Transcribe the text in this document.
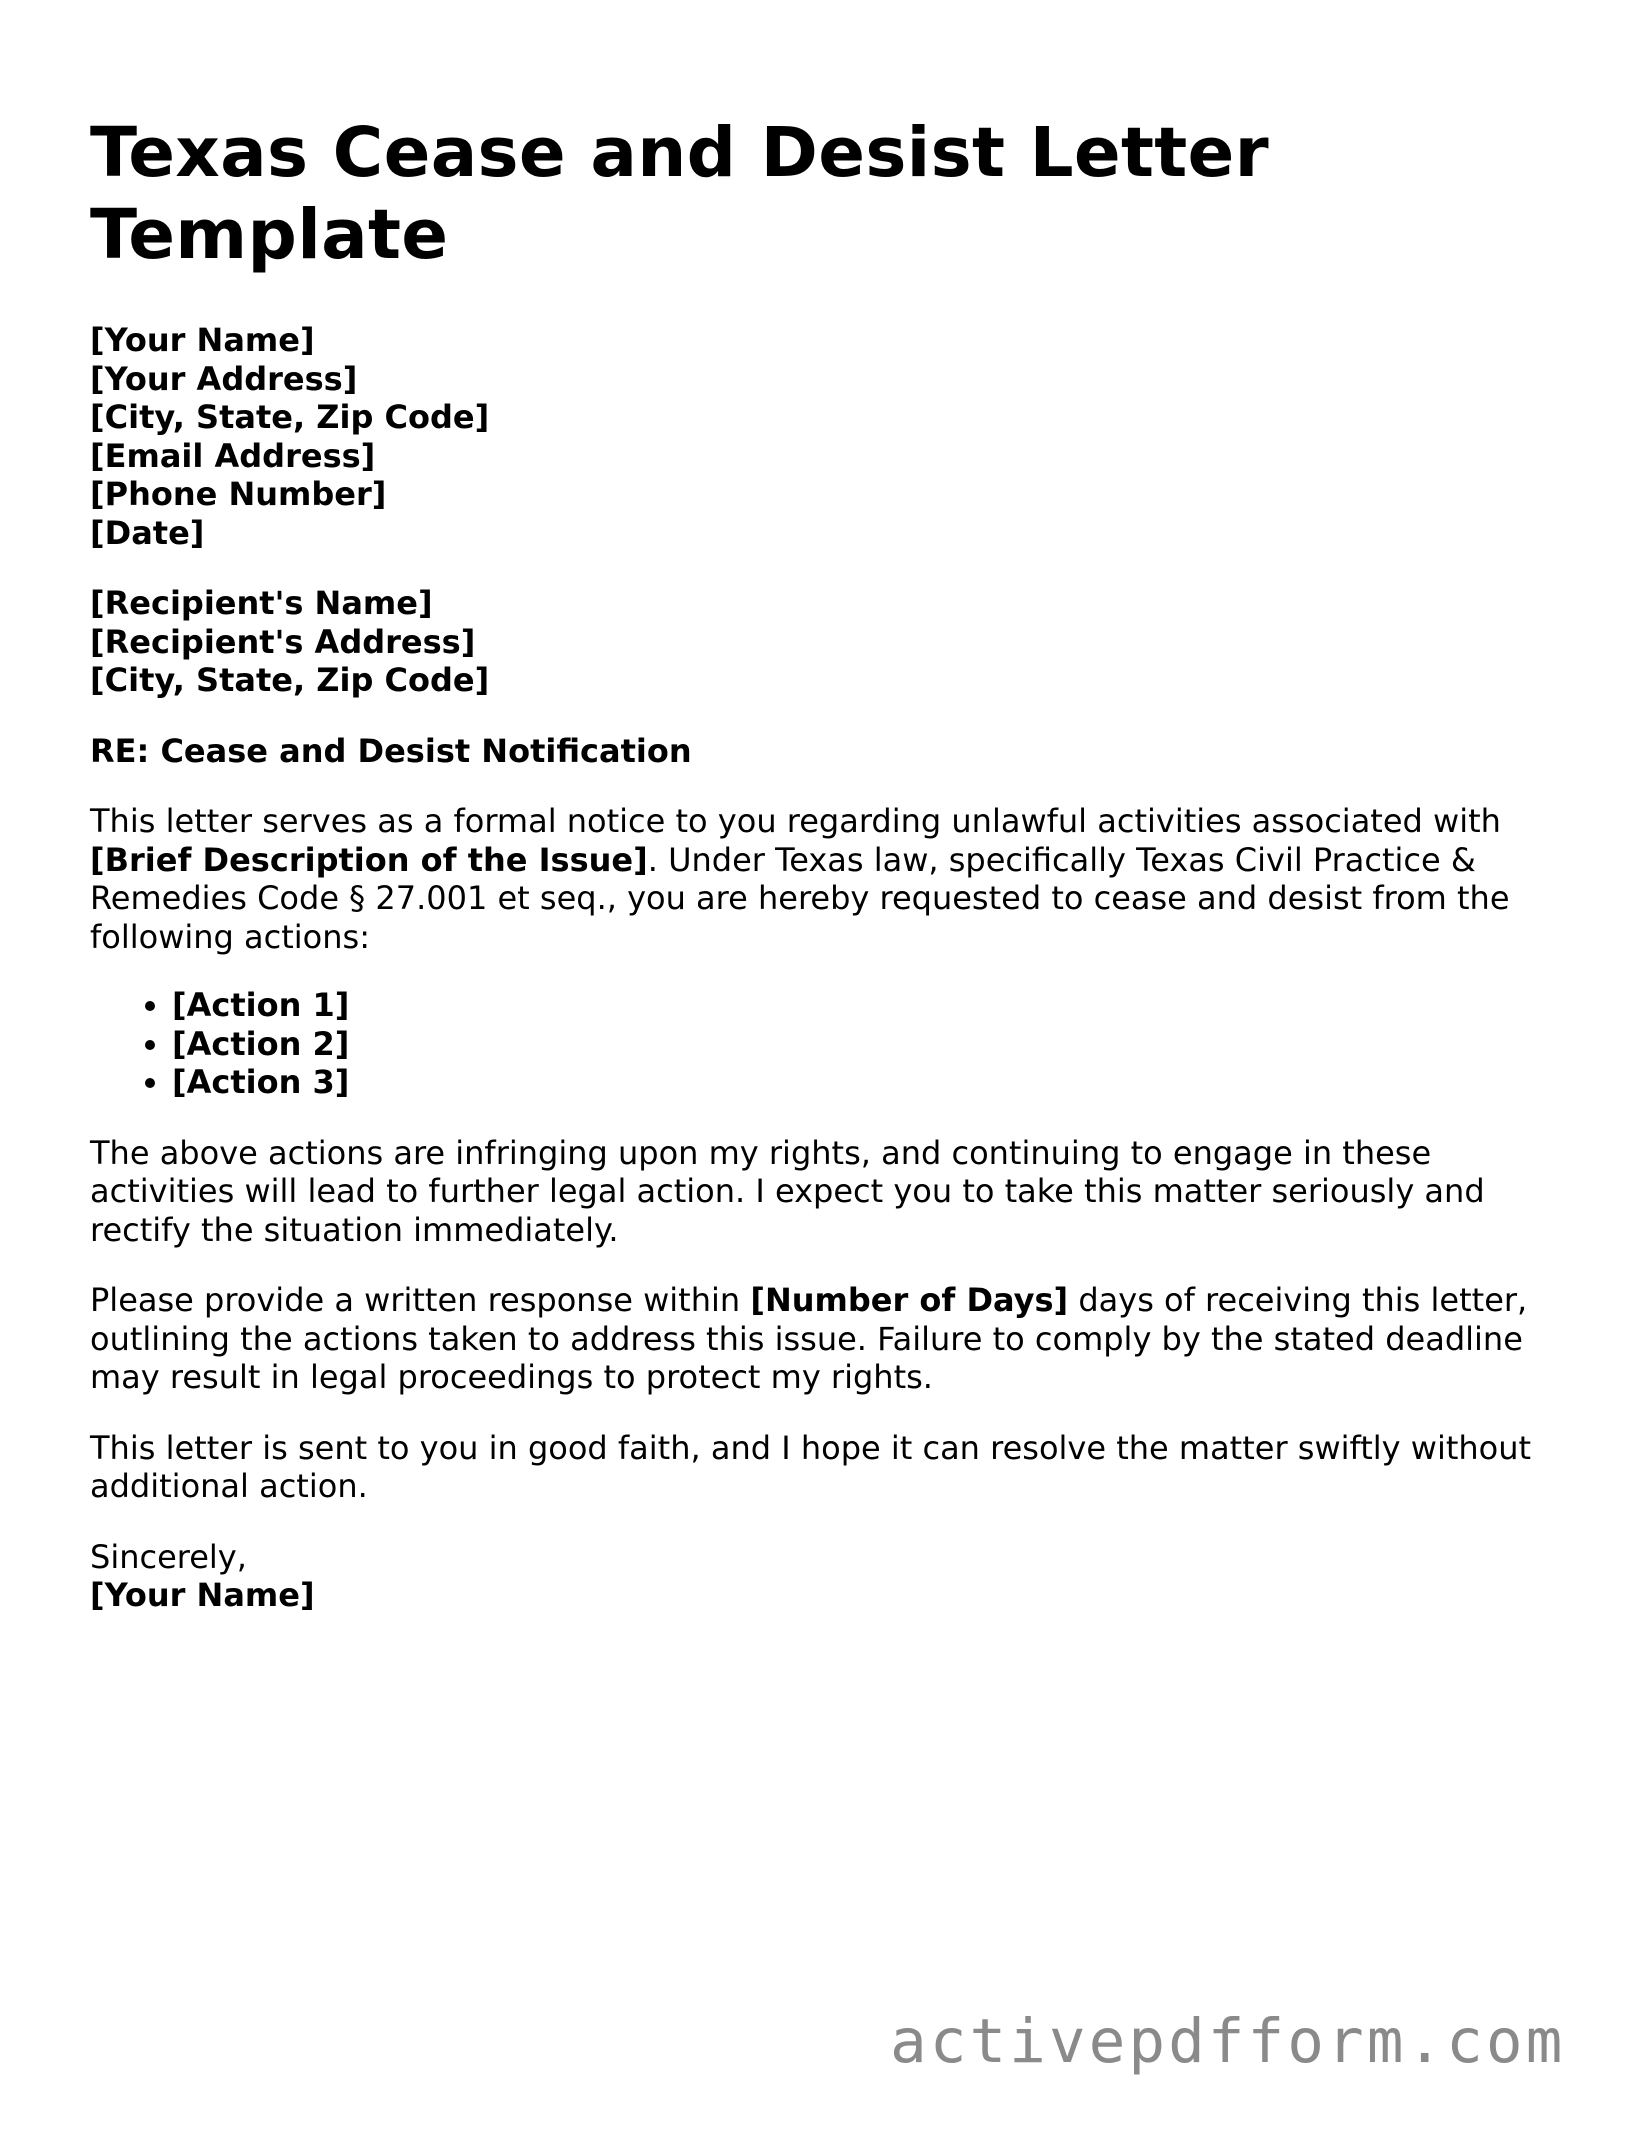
Texas Cease and Desist Letter Template
[Your Name]
[Your Address]
[City, State, Zip Code]
[Email Address]
[Phone Number]
[Date]
[Recipient's Name]
[Recipient's Address]
[City, State, Zip Code]
RE: Cease and Desist Notification

This letter serves as a formal notice to you regarding unlawful activities associated with [Brief Description of the Issue]. Under Texas law, specifically Texas Civil Practice & Remedies Code § 27.001 et seq., you are hereby requested to cease and desist from the following actions:

• [Action 1]
• [Action 2]
• [Action 3]

The above actions are infringing upon my rights, and continuing to engage in these activities will lead to further legal action. I expect you to take this matter seriously and rectify the situation immediately.

Please provide a written response within [Number of Days] days of receiving this letter, outlining the actions taken to address this issue. Failure to comply by the stated deadline may result in legal proceedings to protect my rights.

This letter is sent to you in good faith, and I hope it can resolve the matter swiftly without additional action.

Sincerely,
[Your Name]
activepdfform.com
